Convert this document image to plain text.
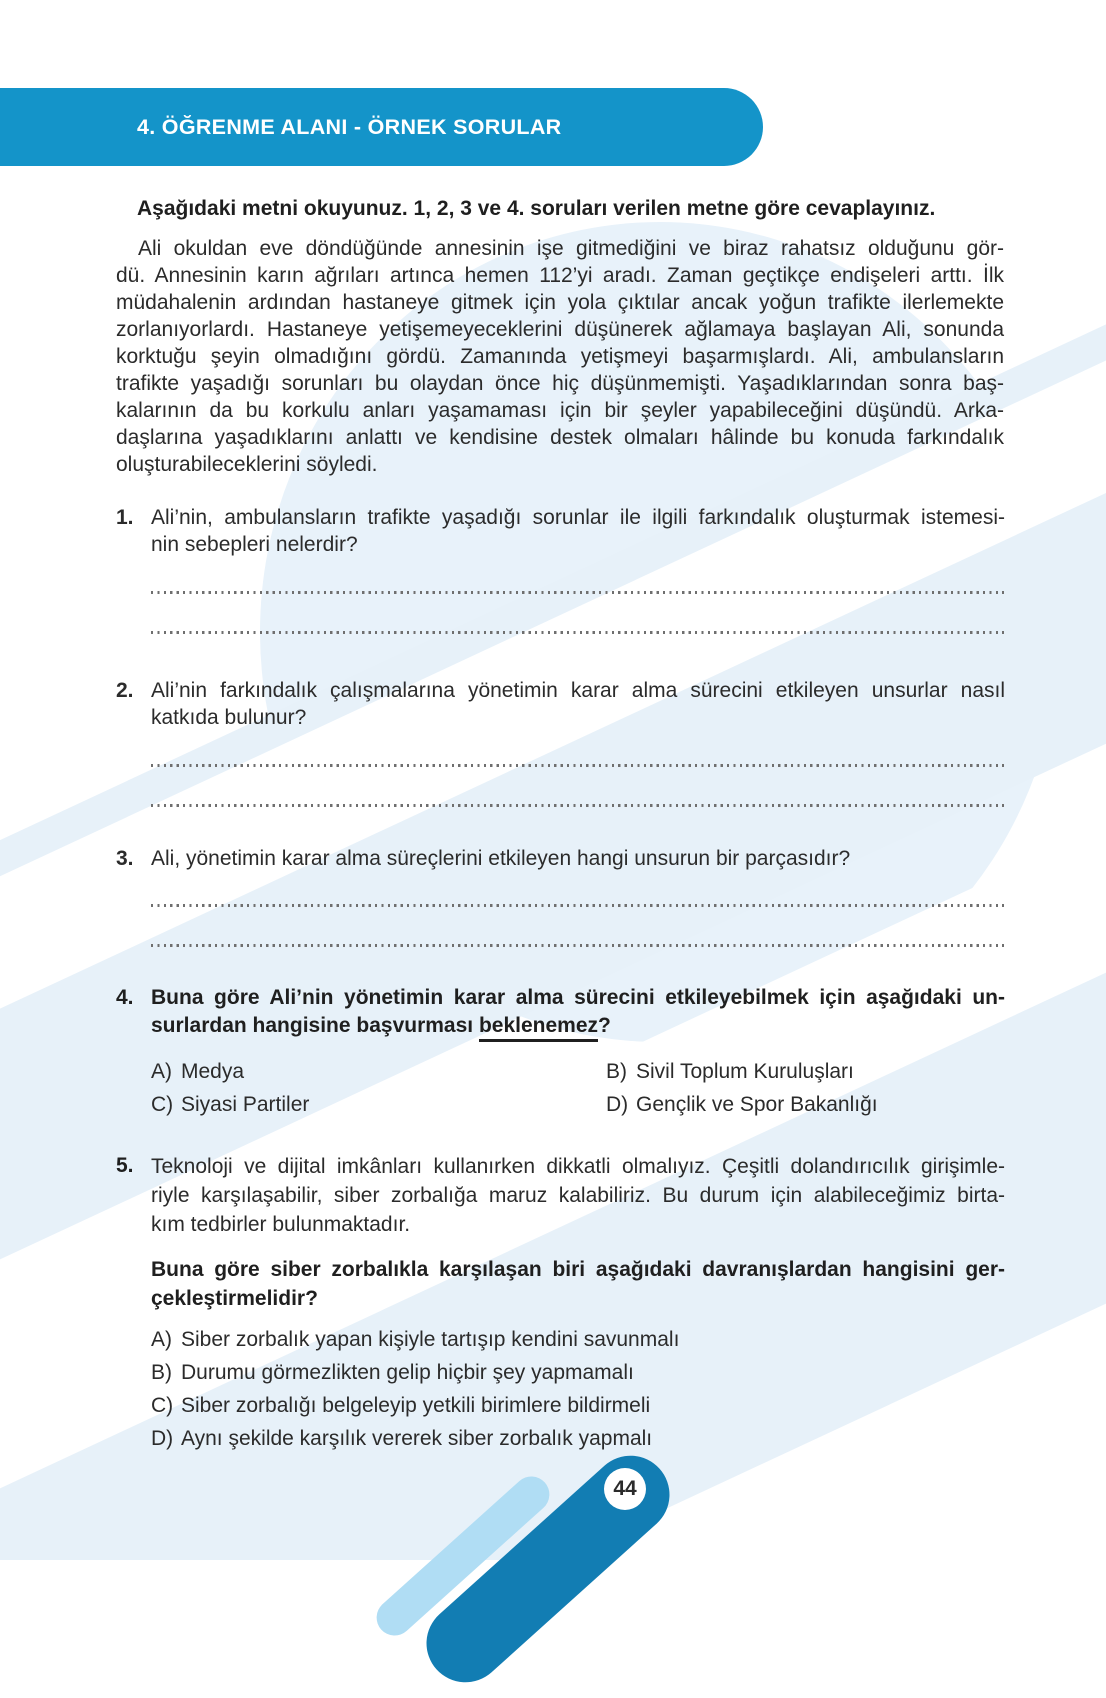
44
4. ÖĞRENME ALANI - ÖRNEK SORULAR
Aşağıdaki metni okuyunuz. 1, 2, 3 ve 4. soruları verilen metne göre cevaplayınız.
Ali okuldan eve döndüğünde annesinin işe gitmediğini ve biraz rahatsız olduğunu gör-
dü. Annesinin karın ağrıları artınca hemen 112’yi aradı. Zaman geçtikçe endişeleri arttı. İlk
müdahalenin ardından hastaneye gitmek için yola çıktılar ancak yoğun trafikte ilerlemekte
zorlanıyorlardı. Hastaneye yetişemeyeceklerini düşünerek ağlamaya başlayan Ali, sonunda
korktuğu şeyin olmadığını gördü. Zamanında yetişmeyi başarmışlardı. Ali, ambulansların
trafikte yaşadığı sorunları bu olaydan önce hiç düşünmemişti. Yaşadıklarından sonra baş-
kalarının da bu korkulu anları yaşamaması için bir şeyler yapabileceğini düşündü. Arka-
daşlarına yaşadıklarını anlattı ve kendisine destek olmaları hâlinde bu konuda farkındalık
oluşturabileceklerini söyledi.
1. Ali’nin, ambulansların trafikte yaşadığı sorunlar ile ilgili farkındalık oluşturmak istemesi-
nin sebepleri nelerdir?
2. Ali’nin farkındalık çalışmalarına yönetimin karar alma sürecini etkileyen unsurlar nasıl
katkıda bulunur?
3. Ali, yönetimin karar alma süreçlerini etkileyen hangi unsurun bir parçasıdır?
4. Buna göre Ali’nin yönetimin karar alma sürecini etkileyebilmek için aşağıdaki un-
surlardan hangisine başvurması beklenemez?
A) Medya	B) Sivil Toplum Kuruluşları
C) Siyasi Partiler	D) Gençlik ve Spor Bakanlığı
5. Teknoloji ve dijital imkânları kullanırken dikkatli olmalıyız. Çeşitli dolandırıcılık girişimle-
riyle karşılaşabilir, siber zorbalığa maruz kalabiliriz. Bu durum için alabileceğimiz birta-
kım tedbirler bulunmaktadır.
Buna göre siber zorbalıkla karşılaşan biri aşağıdaki davranışlardan hangisini ger-
çekleştirmelidir?
A) Siber zorbalık yapan kişiyle tartışıp kendini savunmalı
B) Durumu görmezlikten gelip hiçbir şey yapmamalı
C) Siber zorbalığı belgeleyip yetkili birimlere bildirmeli
D) Aynı şekilde karşılık vererek siber zorbalık yapmalı
